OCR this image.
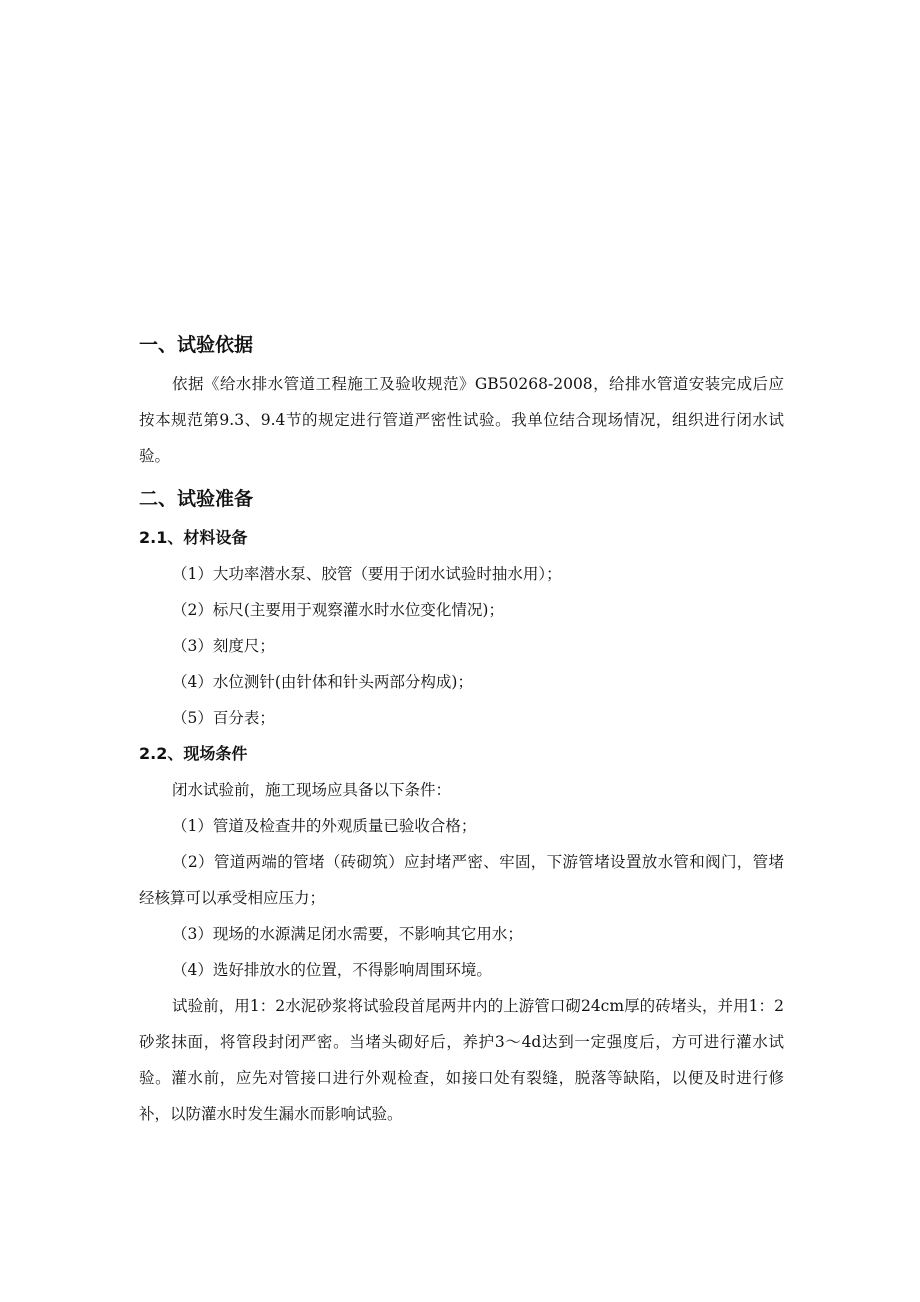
一、试验依据

依据《给水排水管道工程施工及验收规范》GB50268-2008，给排水管道安装完成后应按本规范第9.3、9.4节的规定进行管道严密性试验。我单位结合现场情况，组织进行闭水试验。

二、试验准备
2.1、材料设备

（1）大功率潜水泵、胶管（要用于闭水试验时抽水用）；

（2）标尺(主要用于观察灌水时水位变化情况)；

（3）刻度尺；

（4）水位测针(由针体和针头两部分构成)；

（5）百分表；

2.2、现场条件

闭水试验前，施工现场应具备以下条件：

（1）管道及检查井的外观质量已验收合格；

（2）管道两端的管堵（砖砌筑）应封堵严密、牢固，下游管堵设置放水管和阀门，管堵经核算可以承受相应压力；

（3）现场的水源满足闭水需要，不影响其它用水；

（4）选好排放水的位置，不得影响周围环境。

试验前，用1：2水泥砂浆将试验段首尾两井内的上游管口砌24cm厚的砖堵头，并用1：2砂浆抹面，将管段封闭严密。当堵头砌好后，养护3～4d达到一定强度后，方可进行灌水试验。灌水前，应先对管接口进行外观检查，如接口处有裂缝，脱落等缺陷，以便及时进行修补，以防灌水时发生漏水而影响试验。
